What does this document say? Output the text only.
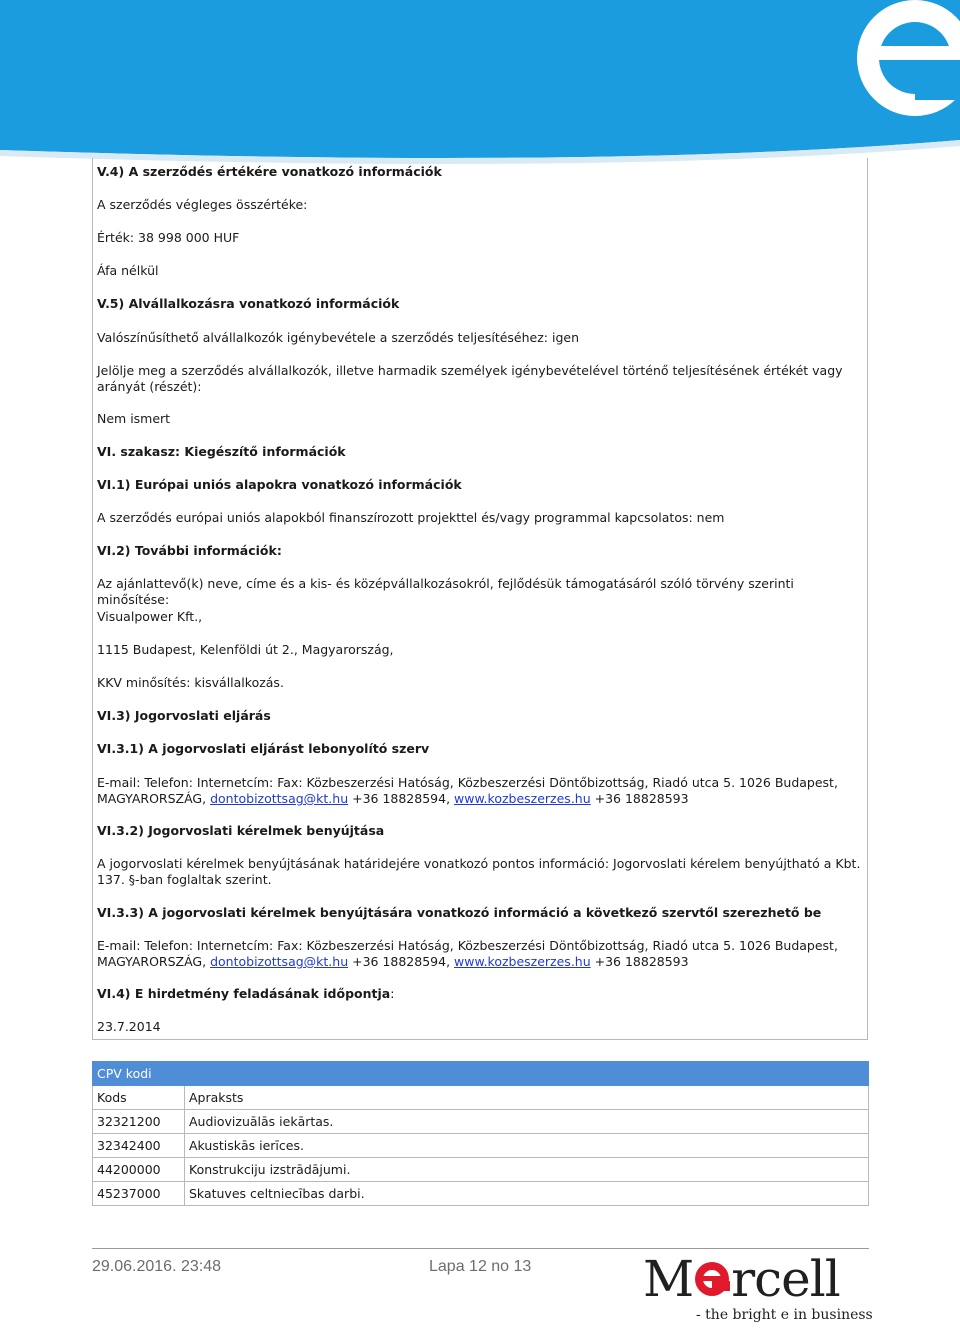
V.4) A szerződés értékére vonatkozó információk
A szerződés végleges összértéke:
Érték: 38 998 000 HUF
Áfa nélkül
V.5) Alvállalkozásra vonatkozó információk
Valószínűsíthető alvállalkozók igénybevétele a szerződés teljesítéséhez: igen
Jelölje meg a szerződés alvállalkozók, illetve harmadik személyek igénybevételével történő teljesítésének értékét vagy arányát (részét):
Nem ismert
VI. szakasz: Kiegészítő információk
VI.1) Európai uniós alapokra vonatkozó információk
A szerződés európai uniós alapokból finanszírozott projekttel és/vagy programmal kapcsolatos: nem
VI.2) További információk:
Az ajánlattevő(k) neve, címe és a kis- és középvállalkozásokról, fejlődésük támogatásáról szóló törvény szerinti minősítése:
Visualpower Kft.,
1115 Budapest, Kelenföldi út 2., Magyarország,
KKV minősítés: kisvállalkozás.
VI.3) Jogorvoslati eljárás
VI.3.1) A jogorvoslati eljárást lebonyolító szerv
E-mail: Telefon: Internetcím: Fax: Közbeszerzési Hatóság, Közbeszerzési Döntőbizottság, Riadó utca 5. 1026 Budapest, MAGYARORSZÁG, dontobizottsag@kt.hu +36 18828594, www.kozbeszerzes.hu +36 18828593
VI.3.2) Jogorvoslati kérelmek benyújtása
A jogorvoslati kérelmek benyújtásának határidejére vonatkozó pontos információ: Jogorvoslati kérelem benyújtható a Kbt. 137. §-ban foglaltak szerint.
VI.3.3) A jogorvoslati kérelmek benyújtására vonatkozó információ a következő szervtől szerezhető be
E-mail: Telefon: Internetcím: Fax: Közbeszerzési Hatóság, Közbeszerzési Döntőbizottság, Riadó utca 5. 1026 Budapest, MAGYARORSZÁG, dontobizottsag@kt.hu +36 18828594, www.kozbeszerzes.hu +36 18828593
VI.4) E hirdetmény feladásának időpontja:
23.7.2014
CPV kodi	
Kods	Apraksts
32321200	Audiovizuālās iekārtas.
32342400	Akustiskās ierīces.
44200000	Konstrukciju izstrādājumi.
45237000	Skatuves celtniecības darbi.
29.06.2016. 23:48	Lapa 12 no 13 M rcell
- the bright e in business
